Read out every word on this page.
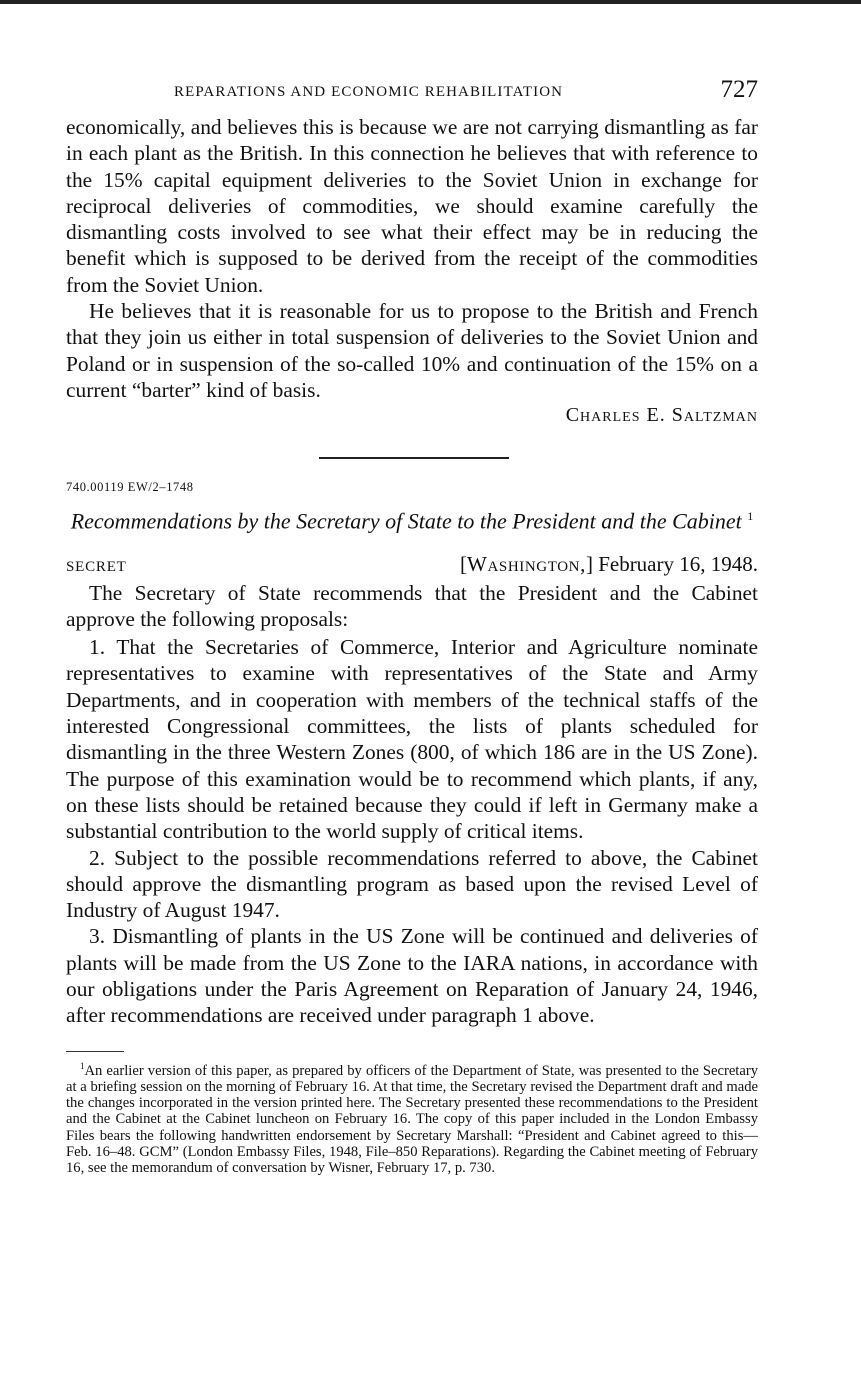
REPARATIONS AND ECONOMIC REHABILITATION	727

economically, and believes this is because we are not carrying dismantling as far in each plant as the British. In this connection he believes that with reference to the 15% capital equipment deliveries to the Soviet Union in exchange for reciprocal deliveries of commodities, we should examine carefully the dismantling costs involved to see what their effect may be in reducing the benefit which is supposed to be derived from the receipt of the commodities from the Soviet Union.

He believes that it is reasonable for us to propose to the British and French that they join us either in total suspension of deliveries to the Soviet Union and Poland or in suspension of the so-called 10% and continuation of the 15% on a current “barter” kind of basis.

Charles E. Saltzman
740.00119 EW/2–1748
Recommendations by the Secretary of State to the President and the Cabinet $^1$
SECRET	[Washington,] February 16, 1948.

The Secretary of State recommends that the President and the Cabinet approve the following proposals:

1. That the Secretaries of Commerce, Interior and Agriculture nominate representatives to examine with representatives of the State and Army Departments, and in cooperation with members of the technical staffs of the interested Congressional committees, the lists of plants scheduled for dismantling in the three Western Zones (800, of which 186 are in the US Zone). The purpose of this examination would be to recommend which plants, if any, on these lists should be retained because they could if left in Germany make a substantial contribution to the world supply of critical items.

2. Subject to the possible recommendations referred to above, the Cabinet should approve the dismantling program as based upon the revised Level of Industry of August 1947.

3. Dismantling of plants in the US Zone will be continued and deliveries of plants will be made from the US Zone to the IARA nations, in accordance with our obligations under the Paris Agreement on Reparation of January 24, 1946, after recommendations are received under paragraph 1 above.

$^1$An earlier version of this paper, as prepared by officers of the Department of State, was presented to the Secretary at a briefing session on the morning of February 16. At that time, the Secretary revised the Department draft and made the changes incorporated in the version printed here. The Secretary presented these recommendations to the President and the Cabinet at the Cabinet luncheon on February 16. The copy of this paper included in the London Embassy Files bears the following handwritten endorsement by Secretary Marshall: “President and Cabinet agreed to this—Feb. 16–48. GCM” (London Embassy Files, 1948, File–850 Reparations). Regarding the Cabinet meeting of February 16, see the memorandum of conversation by Wisner, February 17, p. 730.
